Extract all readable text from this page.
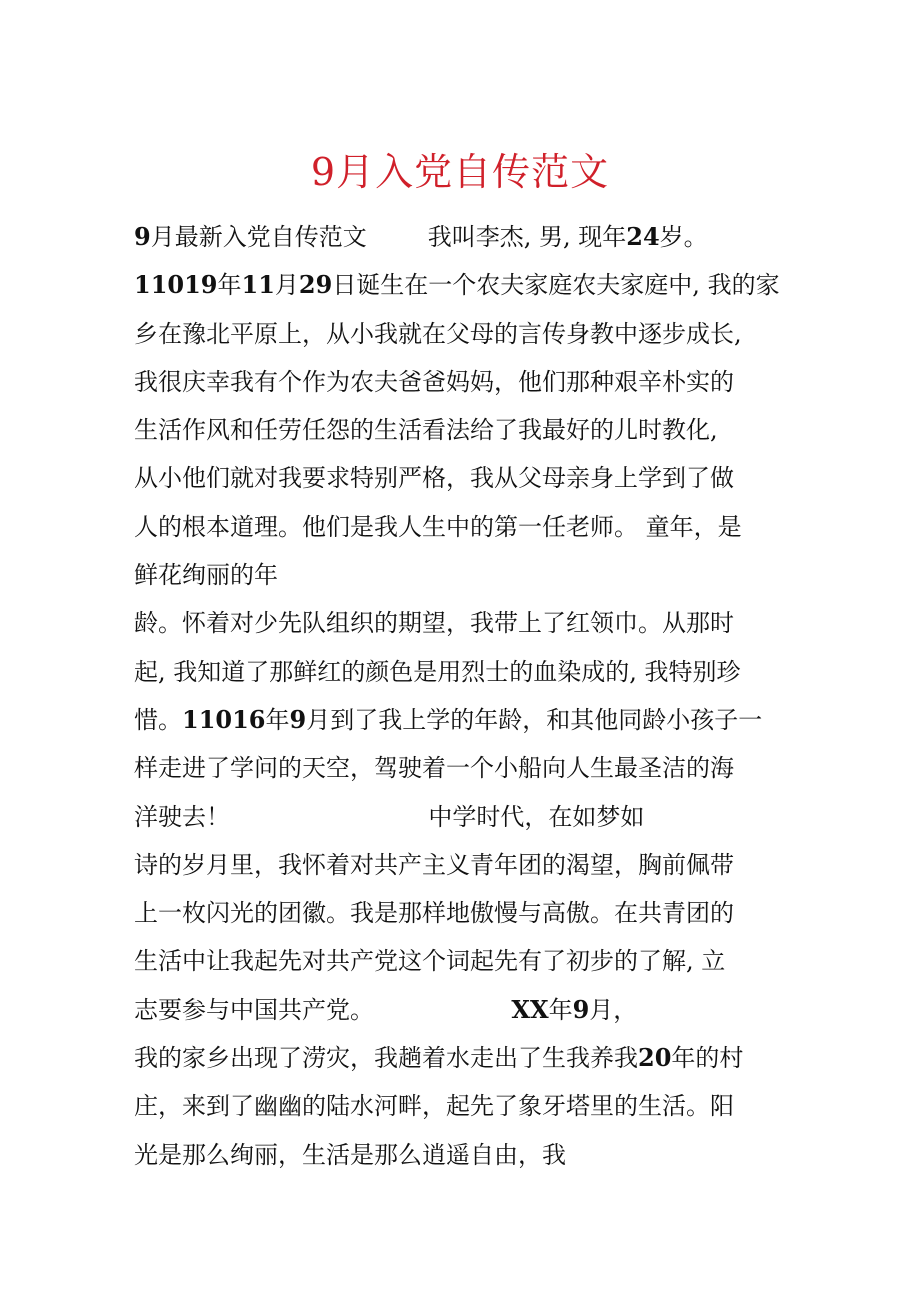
9月入党自传范文
9月最新入党自传范文        我叫李杰, 男, 现年24岁。
11019年11月29日诞生在一个农夫家庭农夫家庭中, 我的家
乡在豫北平原上，从小我就在父母的言传身教中逐步成长,
我很庆幸我有个作为农夫爸爸妈妈，他们那种艰辛朴实的
生活作风和任劳任怨的生活看法给了我最好的儿时教化,
从小他们就对我要求特别严格，我从父母亲身上学到了做
人的根本道理。他们是我人生中的第一任老师。 童年，是
鲜花绚丽的年
龄。怀着对少先队组织的期望，我带上了红领巾。从那时
起, 我知道了那鲜红的颜色是用烈士的血染成的, 我特别珍
惜。11016年9月到了我上学的年龄，和其他同龄小孩子一
样走进了学问的天空，驾驶着一个小船向人生最圣洁的海
洋驶去！                          中学时代，在如梦如
诗的岁月里，我怀着对共产主义青年团的渴望，胸前佩带
上一枚闪光的团徽。我是那样地傲慢与高傲。在共青团的
生活中让我起先对共产党这个词起先有了初步的了解, 立
志要参与中国共产党。                  XX年9月，
我的家乡出现了涝灾，我趟着水走出了生我养我20年的村
庄，来到了幽幽的陆水河畔，起先了象牙塔里的生活。阳
光是那么绚丽，生活是那么逍遥自由，我
